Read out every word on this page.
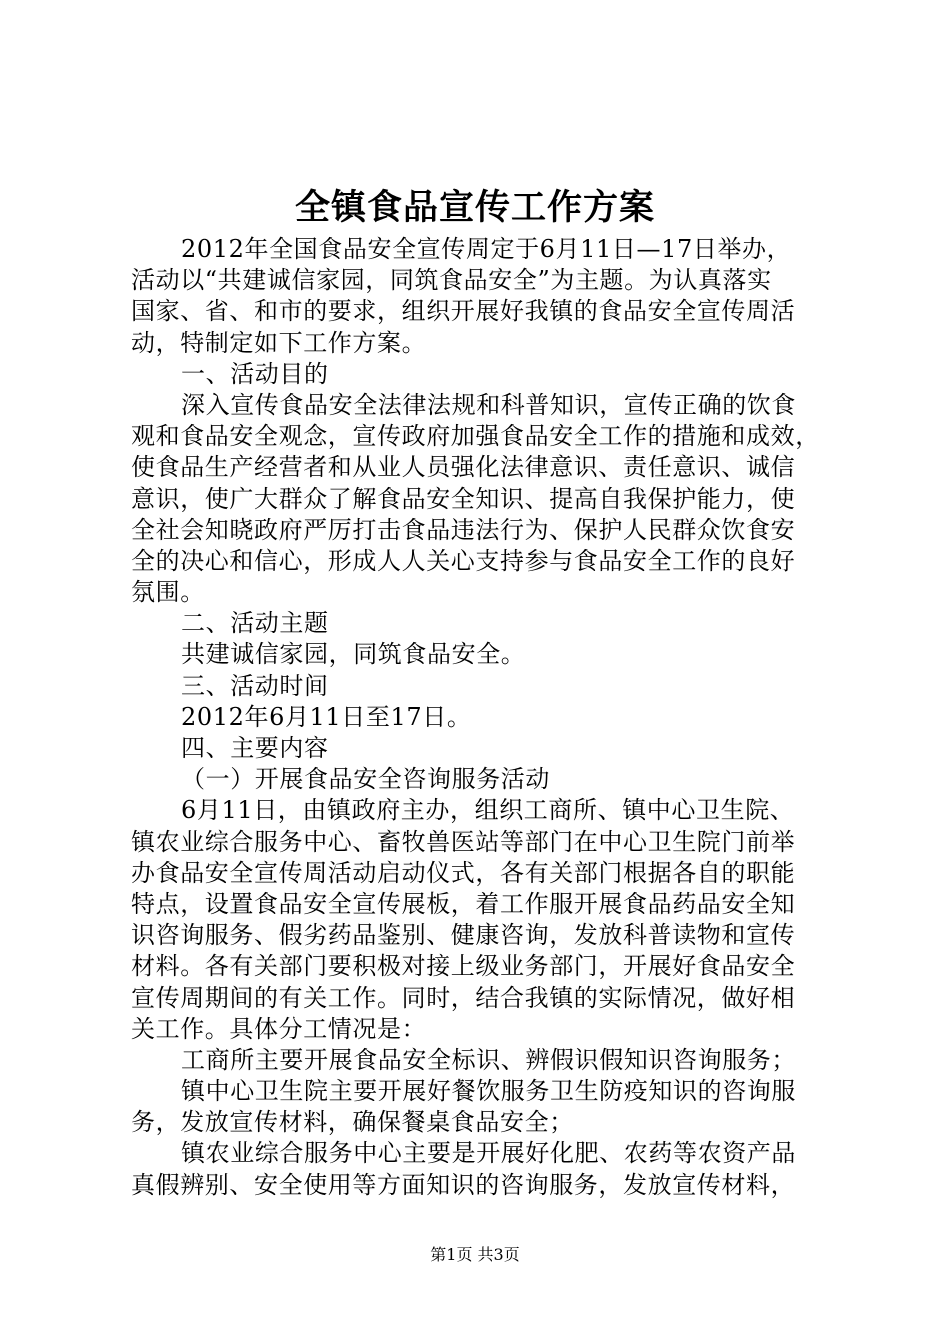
全镇食品宣传工作方案
2012年全国食品安全宣传周定于6月11日—17日举办，
活动以“共建诚信家园，同筑食品安全”为主题。为认真落实
国家、省、和市的要求，组织开展好我镇的食品安全宣传周活
动，特制定如下工作方案。
一、活动目的
深入宣传食品安全法律法规和科普知识，宣传正确的饮食
观和食品安全观念，宣传政府加强食品安全工作的措施和成效，
使食品生产经营者和从业人员强化法律意识、责任意识、诚信
意识，使广大群众了解食品安全知识、提高自我保护能力，使
全社会知晓政府严厉打击食品违法行为、保护人民群众饮食安
全的决心和信心，形成人人关心支持参与食品安全工作的良好
氛围。
二、活动主题
共建诚信家园，同筑食品安全。
三、活动时间
2012年6月11日至17日。
四、主要内容
（一）开展食品安全咨询服务活动
6月11日，由镇政府主办，组织工商所、镇中心卫生院、
镇农业综合服务中心、畜牧兽医站等部门在中心卫生院门前举
办食品安全宣传周活动启动仪式，各有关部门根据各自的职能
特点，设置食品安全宣传展板，着工作服开展食品药品安全知
识咨询服务、假劣药品鉴别、健康咨询，发放科普读物和宣传
材料。各有关部门要积极对接上级业务部门，开展好食品安全
宣传周期间的有关工作。同时，结合我镇的实际情况，做好相
关工作。具体分工情况是：
工商所主要开展食品安全标识、辨假识假知识咨询服务；
镇中心卫生院主要开展好餐饮服务卫生防疫知识的咨询服
务，发放宣传材料，确保餐桌食品安全；
镇农业综合服务中心主要是开展好化肥、农药等农资产品
真假辨别、安全使用等方面知识的咨询服务，发放宣传材料，
第1页 共3页
